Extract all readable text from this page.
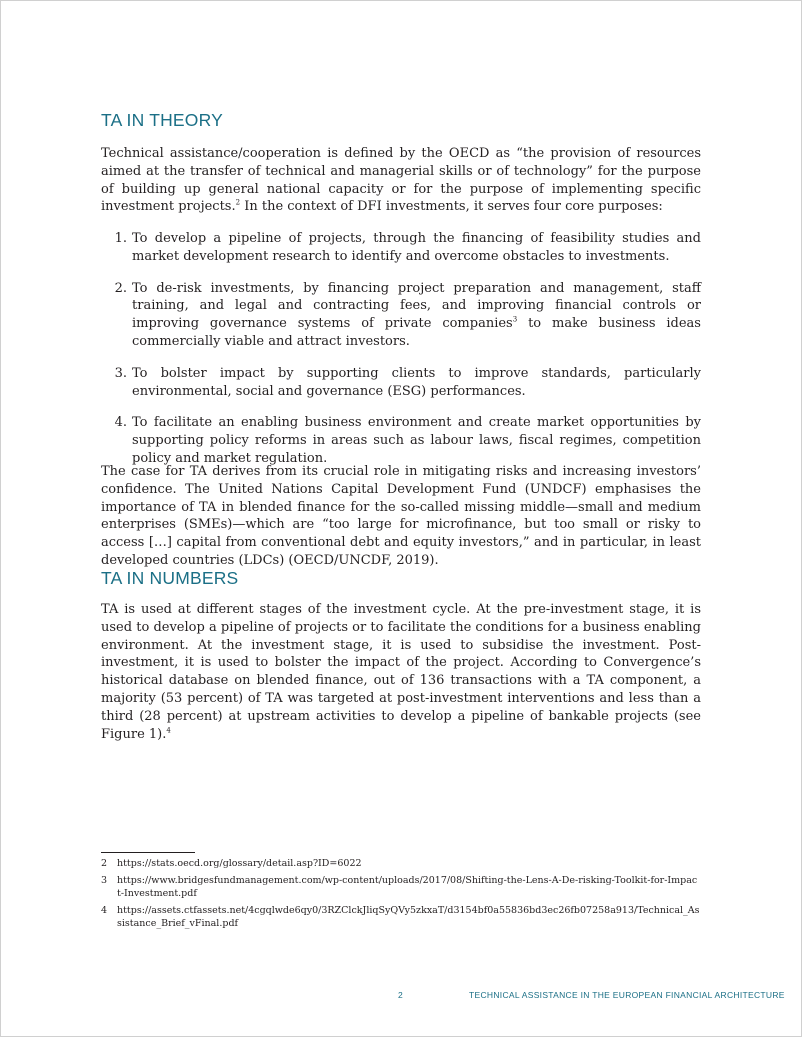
TA IN THEORY

Technical assistance/cooperation is defined by the OECD as “the provision of resources aimed at the transfer of technical and managerial skills or of technology” for the purpose of building up general national capacity or for the purpose of implementing specific investment projects.$^2$ In the context of DFI investments, it serves four core purposes:

1. To develop a pipeline of projects, through the financing of feasibility studies and market development research to identify and overcome obstacles to investments.
2. To de-risk investments, by financing project preparation and management, staff training, and legal and contracting fees, and improving financial controls or improving governance systems of private companies$^3$ to make business ideas commercially viable and attract investors.
3. To bolster impact by supporting clients to improve standards, particularly environmental, social and governance (ESG) performances.
4. To facilitate an enabling business environment and create market opportunities by supporting policy reforms in areas such as labour laws, fiscal regimes, competition policy and market regulation.

The case for TA derives from its crucial role in mitigating risks and increasing investors’ confidence. The United Nations Capital Development Fund (UNDCF) emphasises the importance of TA in blended finance for the so-called missing middle—small and medium enterprises (SMEs)—which are “too large for microfinance, but too small or risky to access […] capital from conventional debt and equity investors,” and in particular, in least developed countries (LDCs) (OECD/UNCDF, 2019).

TA IN NUMBERS

TA is used at different stages of the investment cycle. At the pre-investment stage, it is used to develop a pipeline of projects or to facilitate the conditions for a business enabling environment. At the investment stage, it is used to subsidise the investment. Post-investment, it is used to bolster the impact of the project. According to Convergence’s historical database on blended finance, out of 136 transactions with a TA component, a majority (53 percent) of TA was targeted at post-investment interventions and less than a third (28 percent) at upstream activities to develop a pipeline of bankable projects (see Figure 1).$^4$

2	https://stats.oecd.org/glossary/detail.asp?ID=6022
3	https://www.bridgesfundmanagement.com/wp-content/uploads/2017/08/Shifting-the-Lens-A-De-risking-Toolkit-for-Impact-Investment.pdf
4	https://assets.ctfassets.net/4cgqlwde6qy0/3RZClckJliqSyQVy5zkxaT/d3154bf0a55836bd3ec26fb07258a913/Technical_Assistance_Brief_vFinal.pdf
2	TECHNICAL ASSISTANCE IN THE EUROPEAN FINANCIAL ARCHITECTURE
